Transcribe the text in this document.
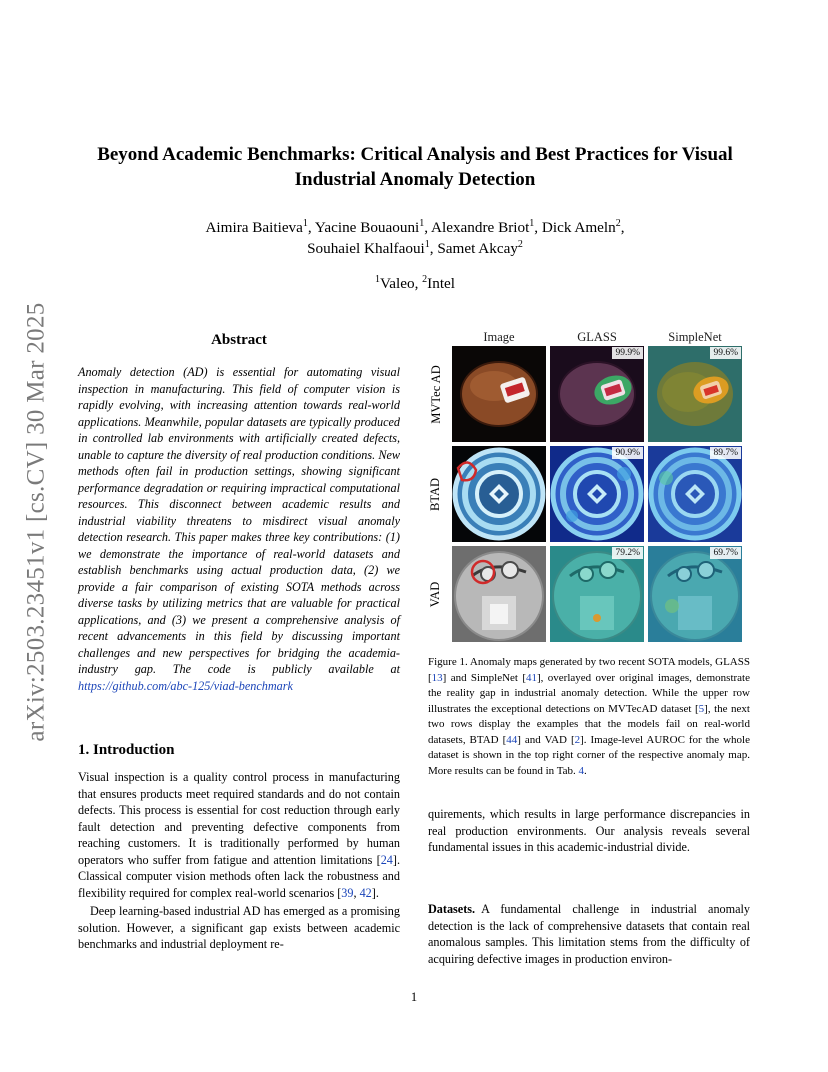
arXiv:2503.23451v1 [cs.CV] 30 Mar 2025
Beyond Academic Benchmarks: Critical Analysis and Best Practices for Visual Industrial Anomaly Detection
Aimira Baitieva$^1$, Yacine Bouaouni$^1$, Alexandre Briot$^1$, Dick Ameln$^2$,
Souhaiel Khalfaoui$^1$, Samet Akcay$^2$
$^1$Valeo, $^2$Intel
Abstract
Anomaly detection (AD) is essential for automating visual inspection in manufacturing. This field of computer vision is rapidly evolving, with increasing attention towards real-world applications. Meanwhile, popular datasets are typically produced in controlled lab environments with artificially created defects, unable to capture the diversity of real production conditions. New methods often fail in production settings, showing significant performance degradation or requiring impractical computational resources. This disconnect between academic results and industrial viability threatens to misdirect visual anomaly detection research. This paper makes three key contributions: (1) we demonstrate the importance of real-world datasets and establish benchmarks using actual production data, (2) we provide a fair comparison of existing SOTA methods across diverse tasks by utilizing metrics that are valuable for practical applications, and (3) we present a comprehensive analysis of recent advancements in this field by discussing important challenges and new perspectives for bridging the academia-industry gap. The code is publicly available at https://github.com/abc-125/viad-benchmark
1. Introduction

Visual inspection is a quality control process in manufacturing that ensures products meet required standards and do not contain defects. This process is essential for cost reduction through early fault detection and preventing defective components from reaching customers. It is traditionally performed by human operators who suffer from fatigue and attention limitations [24]. Classical computer vision methods often lack the robustness and flexibility required for complex real-world scenarios [39, 42].

Deep learning-based industrial AD has emerged as a promising solution. However, a significant gap exists between academic benchmarks and industrial deployment re-

Image	GLASS	SimpleNet
MVTec AD
99.9%	99.6%
BTAD
90.9%	89.7%
VAD
79.2%	69.7%
Figure 1. Anomaly maps generated by two recent SOTA models, GLASS [13] and SimpleNet [41], overlayed over original images, demonstrate the reality gap in industrial anomaly detection. While the upper row illustrates the exceptional detections on MVTecAD dataset [5], the next two rows display the examples that the models fail on real-world datasets, BTAD [44] and VAD [2]. Image-level AUROC for the whole dataset is shown in the top right corner of the respective anomaly map. More results can be found in Tab. 4.
quirements, which results in large performance discrepancies in real production environments. Our analysis reveals several fundamental issues in this academic-industrial divide.
Datasets. A fundamental challenge in industrial anomaly detection is the lack of comprehensive datasets that contain real anomalous samples. This limitation stems from the difficulty of acquiring defective images in production environ-
1
